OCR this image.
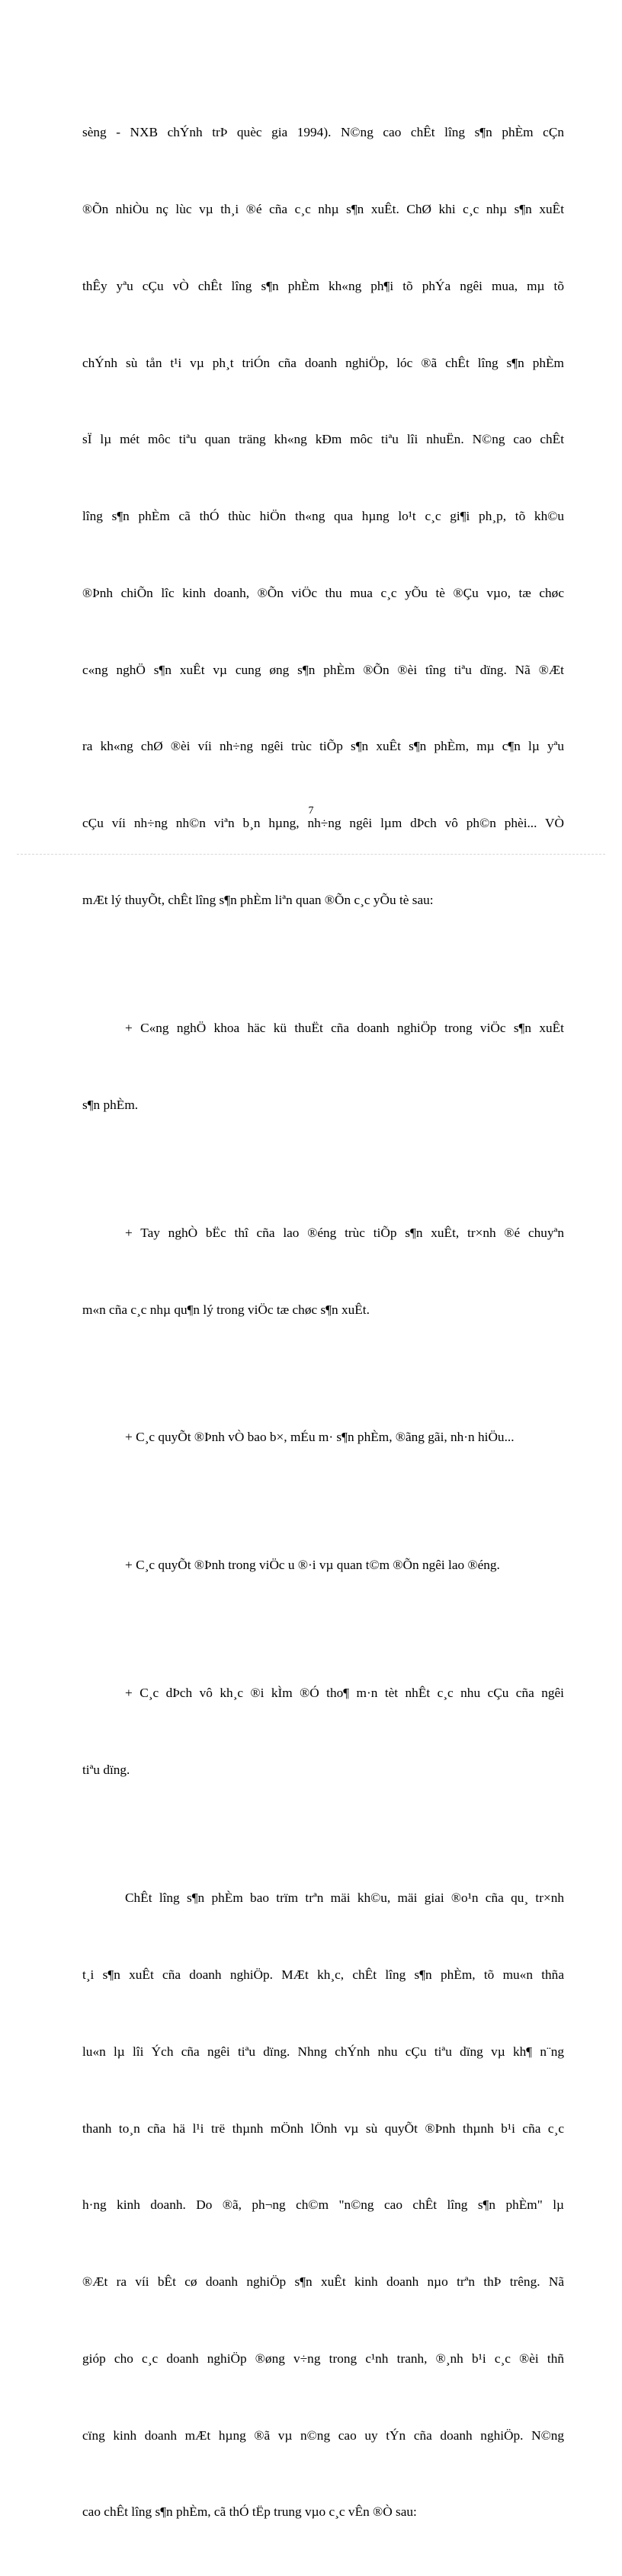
sèng - NXB chÝnh trÞ quèc gia 1994). N©ng cao chÊt lîng s¶n phÈm cÇn

®Õn nhiÒu nç lùc vµ th¸i ®é cña c¸c nhµ s¶n xuÊt. ChØ khi c¸c nhµ s¶n xuÊt

thÊy yªu cÇu vÒ chÊt lîng s¶n phÈm kh«ng ph¶i tõ phÝa ngêi mua, mµ tõ

chÝnh sù tån t¹i vµ ph¸t triÓn cña doanh nghiÖp, lóc ®ã chÊt lîng s¶n phÈm

sÏ lµ mét môc tiªu quan träng kh«ng kÐm môc tiªu lîi nhuËn. N©ng cao chÊt

lîng s¶n phÈm cã thÓ thùc hiÖn th«ng qua hµng lo¹t c¸c gi¶i ph¸p, tõ kh©u

®Þnh chiÕn lîc kinh doanh, ®Õn viÖc thu mua c¸c yÕu tè ®Çu vµo, tæ chøc

c«ng nghÖ s¶n xuÊt vµ cung øng s¶n phÈm ®Õn ®èi tîng tiªu dïng. Nã ®Æt

ra kh«ng chØ ®èi víi nh÷ng ngêi trùc tiÕp s¶n xuÊt s¶n phÈm, mµ c¶n lµ yªu

cÇu víi nh÷ng nh©n viªn b¸n hµng, nh÷ng ngêi lµm dÞch vô ph©n phèi... VÒ

mÆt lý thuyÕt, chÊt lîng s¶n phÈm liªn quan ®Õn c¸c yÕu tè sau:

+ C«ng nghÖ khoa häc kü thuËt cña doanh nghiÖp trong viÖc s¶n xuÊt

s¶n phÈm.

+ Tay nghÒ bËc thî cña lao ®éng trùc tiÕp s¶n xuÊt, tr×nh ®é chuyªn

m«n cña c¸c nhµ qu¶n lý trong viÖc tæ chøc s¶n xuÊt.

+ C¸c quyÕt ®Þnh vÒ bao b×, mÉu m· s¶n phÈm, ®ãng gãi, nh·n hiÖu...

+ C¸c quyÕt ®Þnh trong viÖc u ®·i vµ quan t©m ®Õn ngêi lao ®éng.

+ C¸c dÞch vô kh¸c ®i kÌm ®Ó tho¶ m·n tèt nhÊt c¸c nhu cÇu cña ngêi

tiªu dïng.

ChÊt lîng s¶n phÈm bao trïm trªn mäi kh©u, mäi giai ®o¹n cña qu¸ tr×nh

t¸i s¶n xuÊt cña doanh nghiÖp. MÆt kh¸c, chÊt lîng s¶n phÈm, tõ mu«n thña

lu«n lµ lîi Ých cña ngêi tiªu dïng. Nhng chÝnh nhu cÇu tiªu dïng vµ kh¶ n¨ng

thanh to¸n cña hä l¹i trë thµnh mÖnh lÖnh vµ sù quyÕt ®Þnh thµnh b¹i cña c¸c

h·ng kinh doanh. Do ®ã, ph¬ng ch©m "n©ng cao chÊt lîng s¶n phÈm" lµ

®Æt ra víi bÊt cø doanh nghiÖp s¶n xuÊt kinh doanh nµo trªn thÞ trêng. Nã

gióp cho c¸c doanh nghiÖp ®øng v÷ng trong c¹nh tranh, ®¸nh b¹i c¸c ®èi thñ

cïng kinh doanh mÆt hµng ®ã vµ n©ng cao uy tÝn cña doanh nghiÖp. N©ng

cao chÊt lîng s¶n phÈm, cã thÓ tËp trung vµo c¸c vÊn ®Ò sau:

7
